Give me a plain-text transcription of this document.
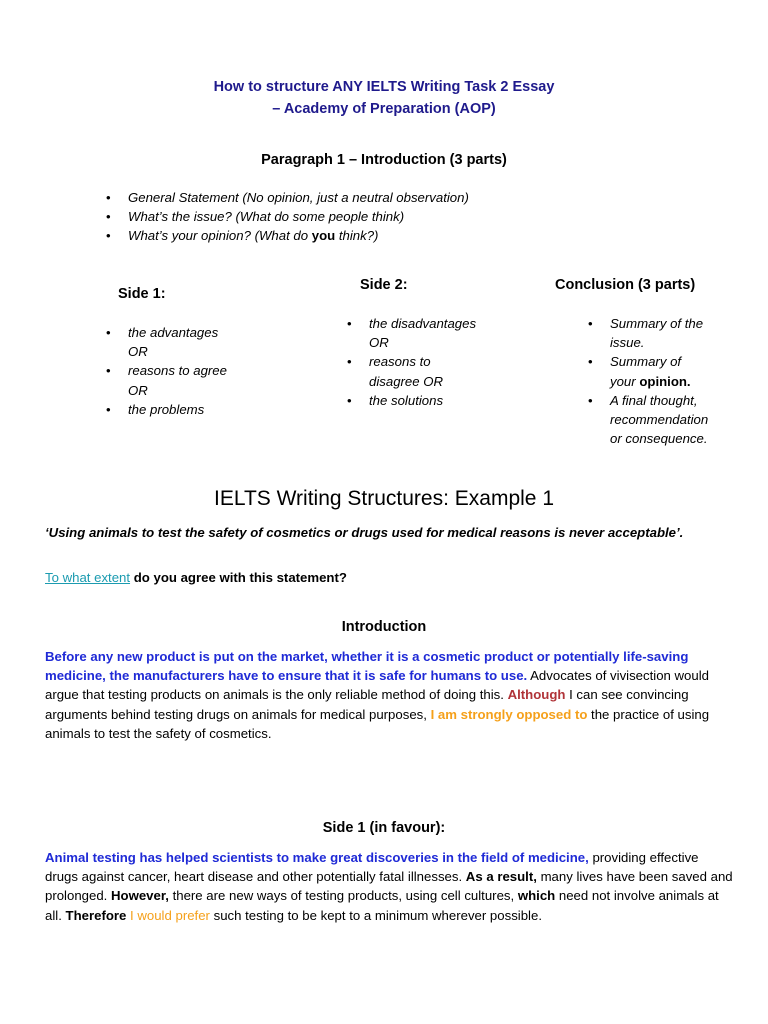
How to structure ANY IELTS Writing Task 2 Essay
– Academy of Preparation (AOP)
Paragraph 1 – Introduction (3 parts)
• General Statement (No opinion, just a neutral observation)
• What’s the issue? (What do some people think)
• What’s your opinion? (What do you think?)
Side 1:
• the advantages
OR
• reasons to agree
OR
• the problems
Side 2:
• the disadvantages
OR
• reasons to
disagree OR
• the solutions
Conclusion (3 parts)
• Summary of the
issue.
• Summary of
your opinion.
• A final thought,
recommendation
or consequence.
IELTS Writing Structures: Example 1
‘Using animals to test the safety of cosmetics or drugs used for medical reasons is never acceptable’.
To what extent do you agree with this statement?
Introduction
Before any new product is put on the market, whether it is a cosmetic product or potentially life-saving medicine, the manufacturers have to ensure that it is safe for humans to use. Advocates of vivisection would argue that testing products on animals is the only reliable method of doing this. Although I can see convincing arguments behind testing drugs on animals for medical purposes, I am strongly opposed to the practice of using animals to test the safety of cosmetics.
Side 1 (in favour):
Animal testing has helped scientists to make great discoveries in the field of medicine, providing effective drugs against cancer, heart disease and other potentially fatal illnesses. As a result, many lives have been saved and prolonged. However, there are new ways of testing products, using cell cultures, which need not involve animals at all. Therefore I would prefer such testing to be kept to a minimum wherever possible.
